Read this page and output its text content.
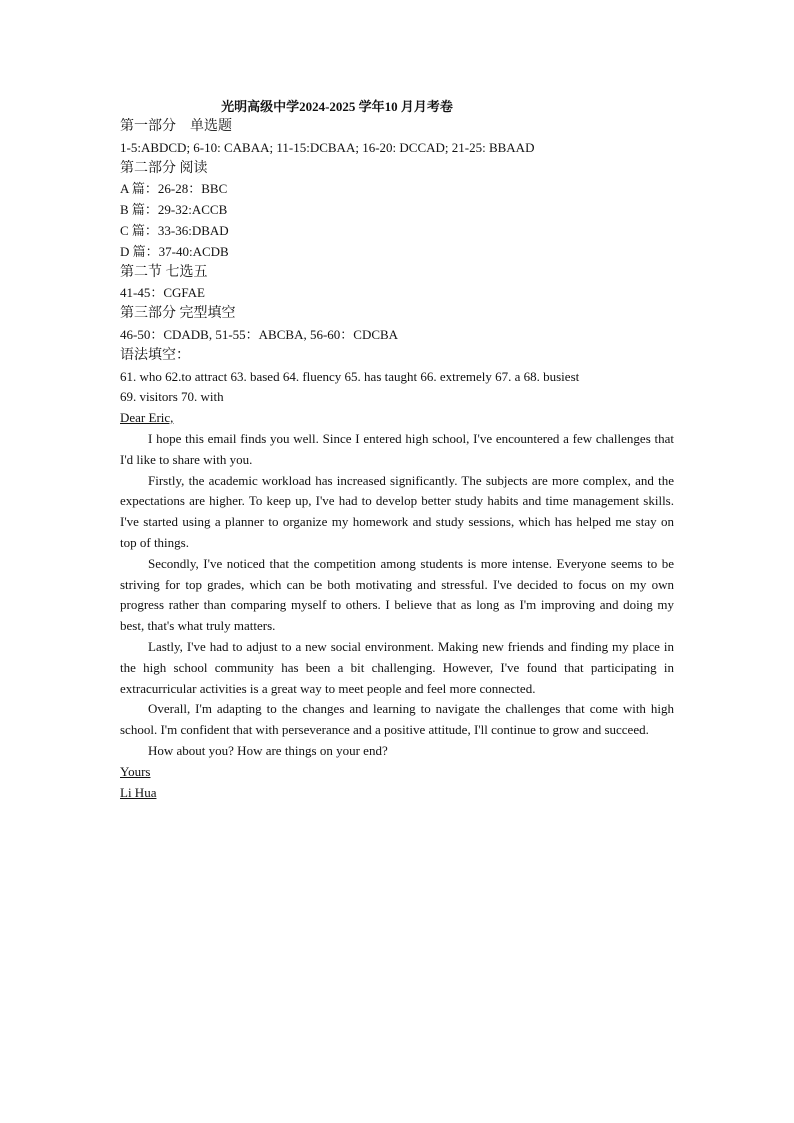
光明高级中学2024-2025 学年10 月月考卷
第一部分　单选题
1-5:ABDCD; 6-10: CABAA; 11-15:DCBAA; 16-20: DCCAD; 21-25: BBAAD
第二部分 阅读
A 篇：26-28：BBC
B 篇：29-32:ACCB
C 篇：33-36:DBAD
D 篇：37-40:ACDB
第二节 七选五
41-45：CGFAE
第三部分 完型填空
46-50：CDADB, 51-55：ABCBA, 56-60：CDCBA
语法填空：
61. who 62.to attract 63. based 64. fluency 65. has taught 66. extremely 67. a 68. busiest
69. visitors 70. with
Dear Eric,

I hope this email finds you well. Since I entered high school, I've encountered a few challenges that I'd like to share with you.

Firstly, the academic workload has increased significantly. The subjects are more complex, and the expectations are higher. To keep up, I've had to develop better study habits and time management skills. I've started using a planner to organize my homework and study sessions, which has helped me stay on top of things.

Secondly, I've noticed that the competition among students is more intense. Everyone seems to be striving for top grades, which can be both motivating and stressful. I've decided to focus on my own progress rather than comparing myself to others. I believe that as long as I'm improving and doing my best, that's what truly matters.

Lastly, I've had to adjust to a new social environment. Making new friends and finding my place in the high school community has been a bit challenging. However, I've found that participating in extracurricular activities is a great way to meet people and feel more connected.

Overall, I'm adapting to the changes and learning to navigate the challenges that come with high school. I'm confident that with perseverance and a positive attitude, I'll continue to grow and succeed.

How about you? How are things on your end?

Yours
Li Hua
